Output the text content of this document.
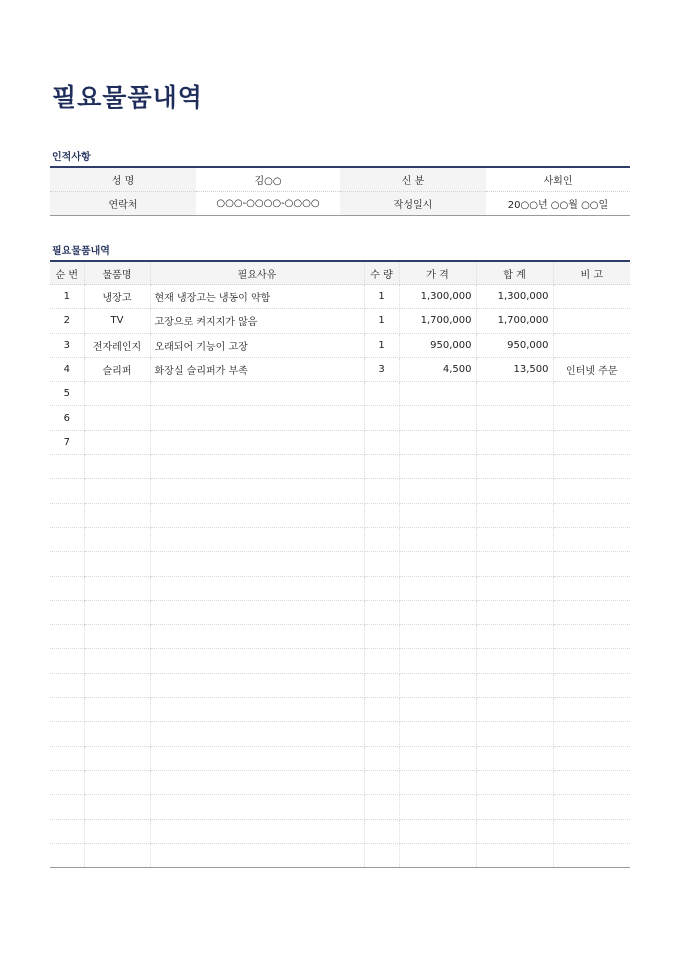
필요물품내역
인적사항
성 명	김○○	신 분	사회인
연락처	○○○-○○○○-○○○○	작성일시	20○○년 ○○월 ○○일
필요물품내역
순 번	물품명	필요사유	수 량	가 격	합 계	비 고
1	냉장고	현재 냉장고는 냉동이 약함	1	1,300,000	1,300,000	
2	TV	고장으로 켜지지가 않음	1	1,700,000	1,700,000	
3	전자레인지	오래되어 기능이 고장	1	950,000	950,000	
4	슬리퍼	화장실 슬리퍼가 부족	3	4,500	13,500	인터넷 주문
5						
6						
7						
